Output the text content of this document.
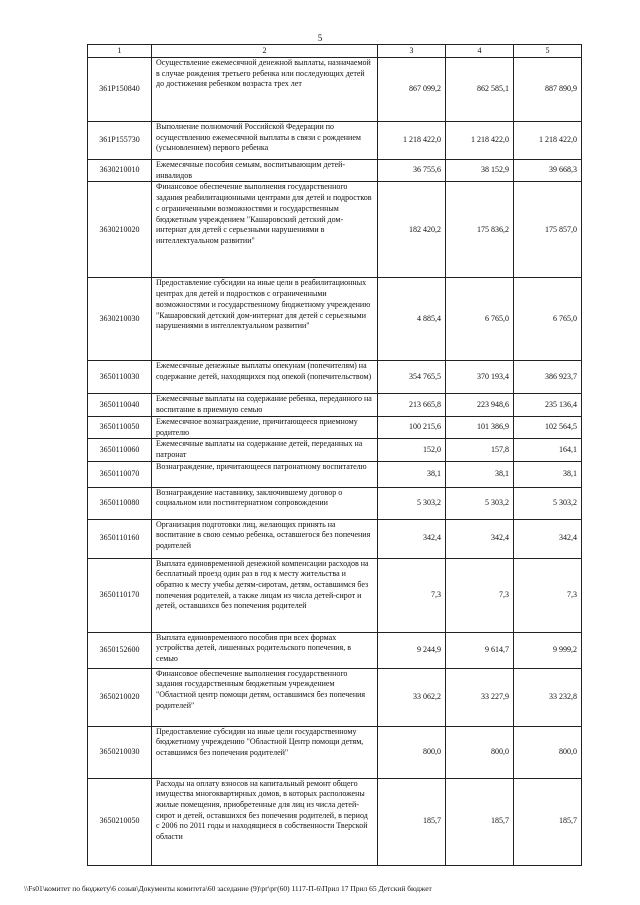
5
1	2	3	4	5
361P150840	Осуществление ежемесячной денежной выплаты, назначаемой в случае рождения третьего ребенка или последующих детей до достижения ребенком возраста трех лет	867 099,2	862 585,1	887 890,9
361P155730	Выполнение полномочий Российской Федерации по осуществлению ежемесячной выплаты в связи с рождением (усыновлением) первого ребенка	1 218 422,0	1 218 422,0	1 218 422,0
3630210010	Ежемесячные пособия семьям, воспитывающим детей-инвалидов	36 755,6	38 152,9	39 668,3
3630210020	Финансовое обеспечение выполнения государственного задания реабилитационными центрами для детей и подростков с ограниченными возможностями и государственным бюджетным учреждением "Кашаровский детский дом-интернат для детей с серьезными нарушениями в интеллектуальном развитии"	182 420,2	175 836,2	175 857,0
3630210030	Предоставление субсидии на иные цели в реабилитационных центрах для детей и подростков с ограниченными возможностями и государственному бюджетному учреждению "Кашаровский детский дом-интернат для детей с серьезными нарушениями в интеллектуальном развитии"	4 885,4	6 765,0	6 765,0
3650110030	Ежемесячные денежные выплаты опекунам (попечителям) на содержание детей, находящихся под опекой (попечительством)	354 765,5	370 193,4	386 923,7
3650110040	Ежемесячные выплаты на содержание ребенка, переданного на воспитание в приемную семью	213 665,8	223 948,6	235 136,4
3650110050	Ежемесячное вознаграждение, причитающееся приемному родителю	100 215,6	101 386,9	102 564,5
3650110060	Ежемесячные выплаты на содержание детей, переданных на патронат	152,0	157,8	164,1
3650110070	Вознаграждение, причитающееся патронатному воспитателю	38,1	38,1	38,1
3650110080	Вознаграждение наставнику, заключившему договор о социальном или постинтернатном сопровождении	5 303,2	5 303,2	5 303,2
3650110160	Организация подготовки лиц, желающих принять на воспитание в свою семью ребенка, оставшегося без попечения родителей	342,4	342,4	342,4
3650110170	Выплата единовременной денежной компенсации расходов на бесплатный проезд один раз в год к месту жительства и обратно к месту учебы детям-сиротам, детям, оставшимся без попечения родителей, а также лицам из числа детей-сирот и детей, оставшихся без попечения родителей	7,3	7,3	7,3
3650152600	Выплата единовременного пособия при всех формах устройства детей, лишенных родительского попечения, в семью	9 244,9	9 614,7	9 999,2
3650210020	Финансовое обеспечение выполнения государственного задания государственным бюджетным учреждением "Областной центр помощи детям, оставшимся без попечения родителей"	33 062,2	33 227,9	33 232,8
3650210030	Предоставление субсидии на иные цели государственному бюджетному учреждению "Областной Центр помощи детям, оставшимся без попечения родителей"	800,0	800,0	800,0
3650210050	Расходы на оплату взносов на капитальный ремонт общего имущества многоквартирных домов, в которых расположены жилые помещения, приобретенные для лиц из числа детей-сирот и детей, оставшихся без попечения родителей, в период с 2006 по 2011 годы и находящиеся в собственности Тверской области	185,7	185,7	185,7
\\Fs01\комитет по бюджету\6 созыв\Документы комитета\60 заседание (9)\рг\рг(60) 1117-П-6\Прил 17 Прил 65 Детский бюджет
